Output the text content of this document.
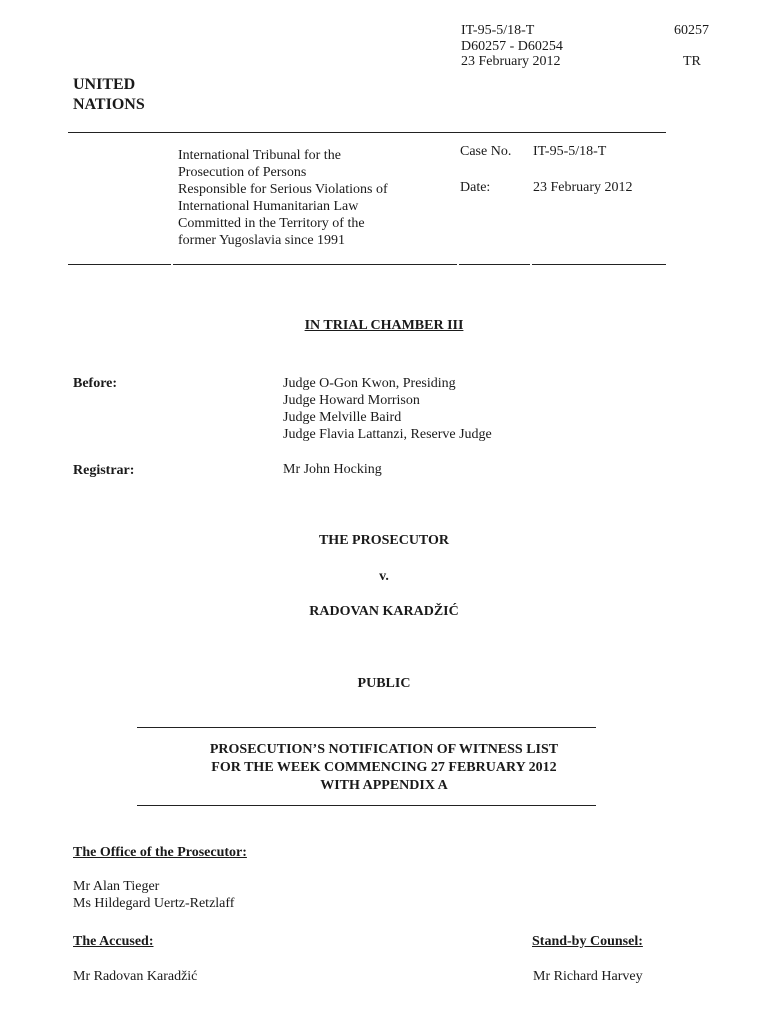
IT-95-5/18-T
D60257 - D60254
23 February 2012
60257
TR
UNITED
NATIONS
International Tribunal for the
Prosecution of Persons
Responsible for Serious Violations of
International Humanitarian Law
Committed in the Territory of the
former Yugoslavia since 1991
Case No. IT-95-5/18-T
Date:	23 February 2012
IN TRIAL CHAMBER III
Before:	Judge O-Gon Kwon, Presiding
Judge Howard Morrison
Judge Melville Baird
Judge Flavia Lattanzi, Reserve Judge
Registrar:	Mr John Hocking
THE PROSECUTOR
v.
RADOVAN KARADŽIĆ
PUBLIC
PROSECUTION’S NOTIFICATION OF WITNESS LIST
FOR THE WEEK COMMENCING 27 FEBRUARY 2012
WITH APPENDIX A
The Office of the Prosecutor:
Mr Alan Tieger
Ms Hildegard Uertz-Retzlaff
The Accused:
Mr Radovan Karadžić
Stand-by Counsel:
Mr Richard Harvey
